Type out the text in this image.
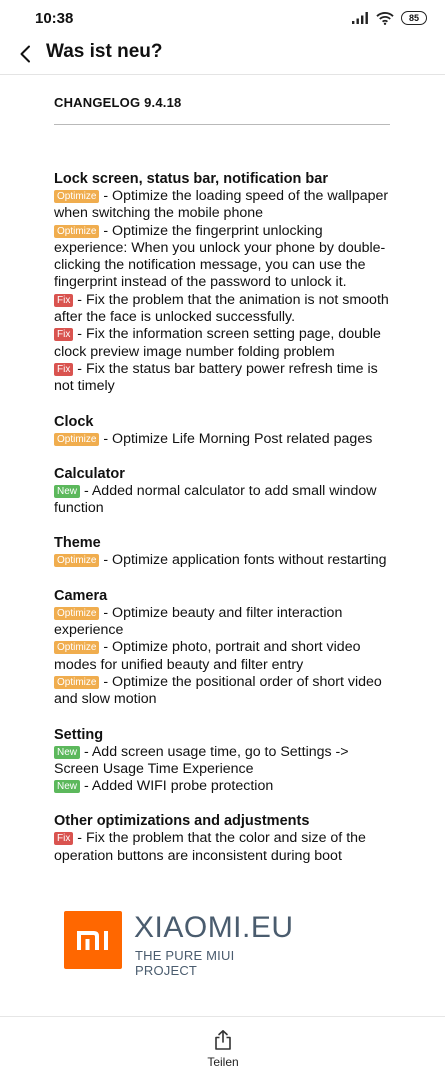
10:38	85
Was ist neu?
CHANGELOG 9.4.18
Lock screen, status bar, notification bar
Optimize - Optimize the loading speed of the wallpaper when switching the mobile phone
Optimize - Optimize the fingerprint unlocking experience: When you unlock your phone by double-clicking the notification message, you can use the fingerprint instead of the password to unlock it.
Fix - Fix the problem that the animation is not smooth after the face is unlocked successfully.
Fix - Fix the information screen setting page, double clock preview image number folding problem
Fix - Fix the status bar battery power refresh time is not timely
Clock
Optimize - Optimize Life Morning Post related pages
Calculator
New - Added normal calculator to add small window function
Theme
Optimize - Optimize application fonts without restarting
Camera
Optimize - Optimize beauty and filter interaction experience
Optimize - Optimize photo, portrait and short video modes for unified beauty and filter entry
Optimize - Optimize the positional order of short video and slow motion
Setting
New - Add screen usage time, go to Settings -> Screen Usage Time Experience
New - Added WIFI probe protection
Other optimizations and adjustments
Fix - Fix the problem that the color and size of the operation buttons are inconsistent during boot
XIAOMI.EU
THE PURE MIUI PROJECT
Teilen
